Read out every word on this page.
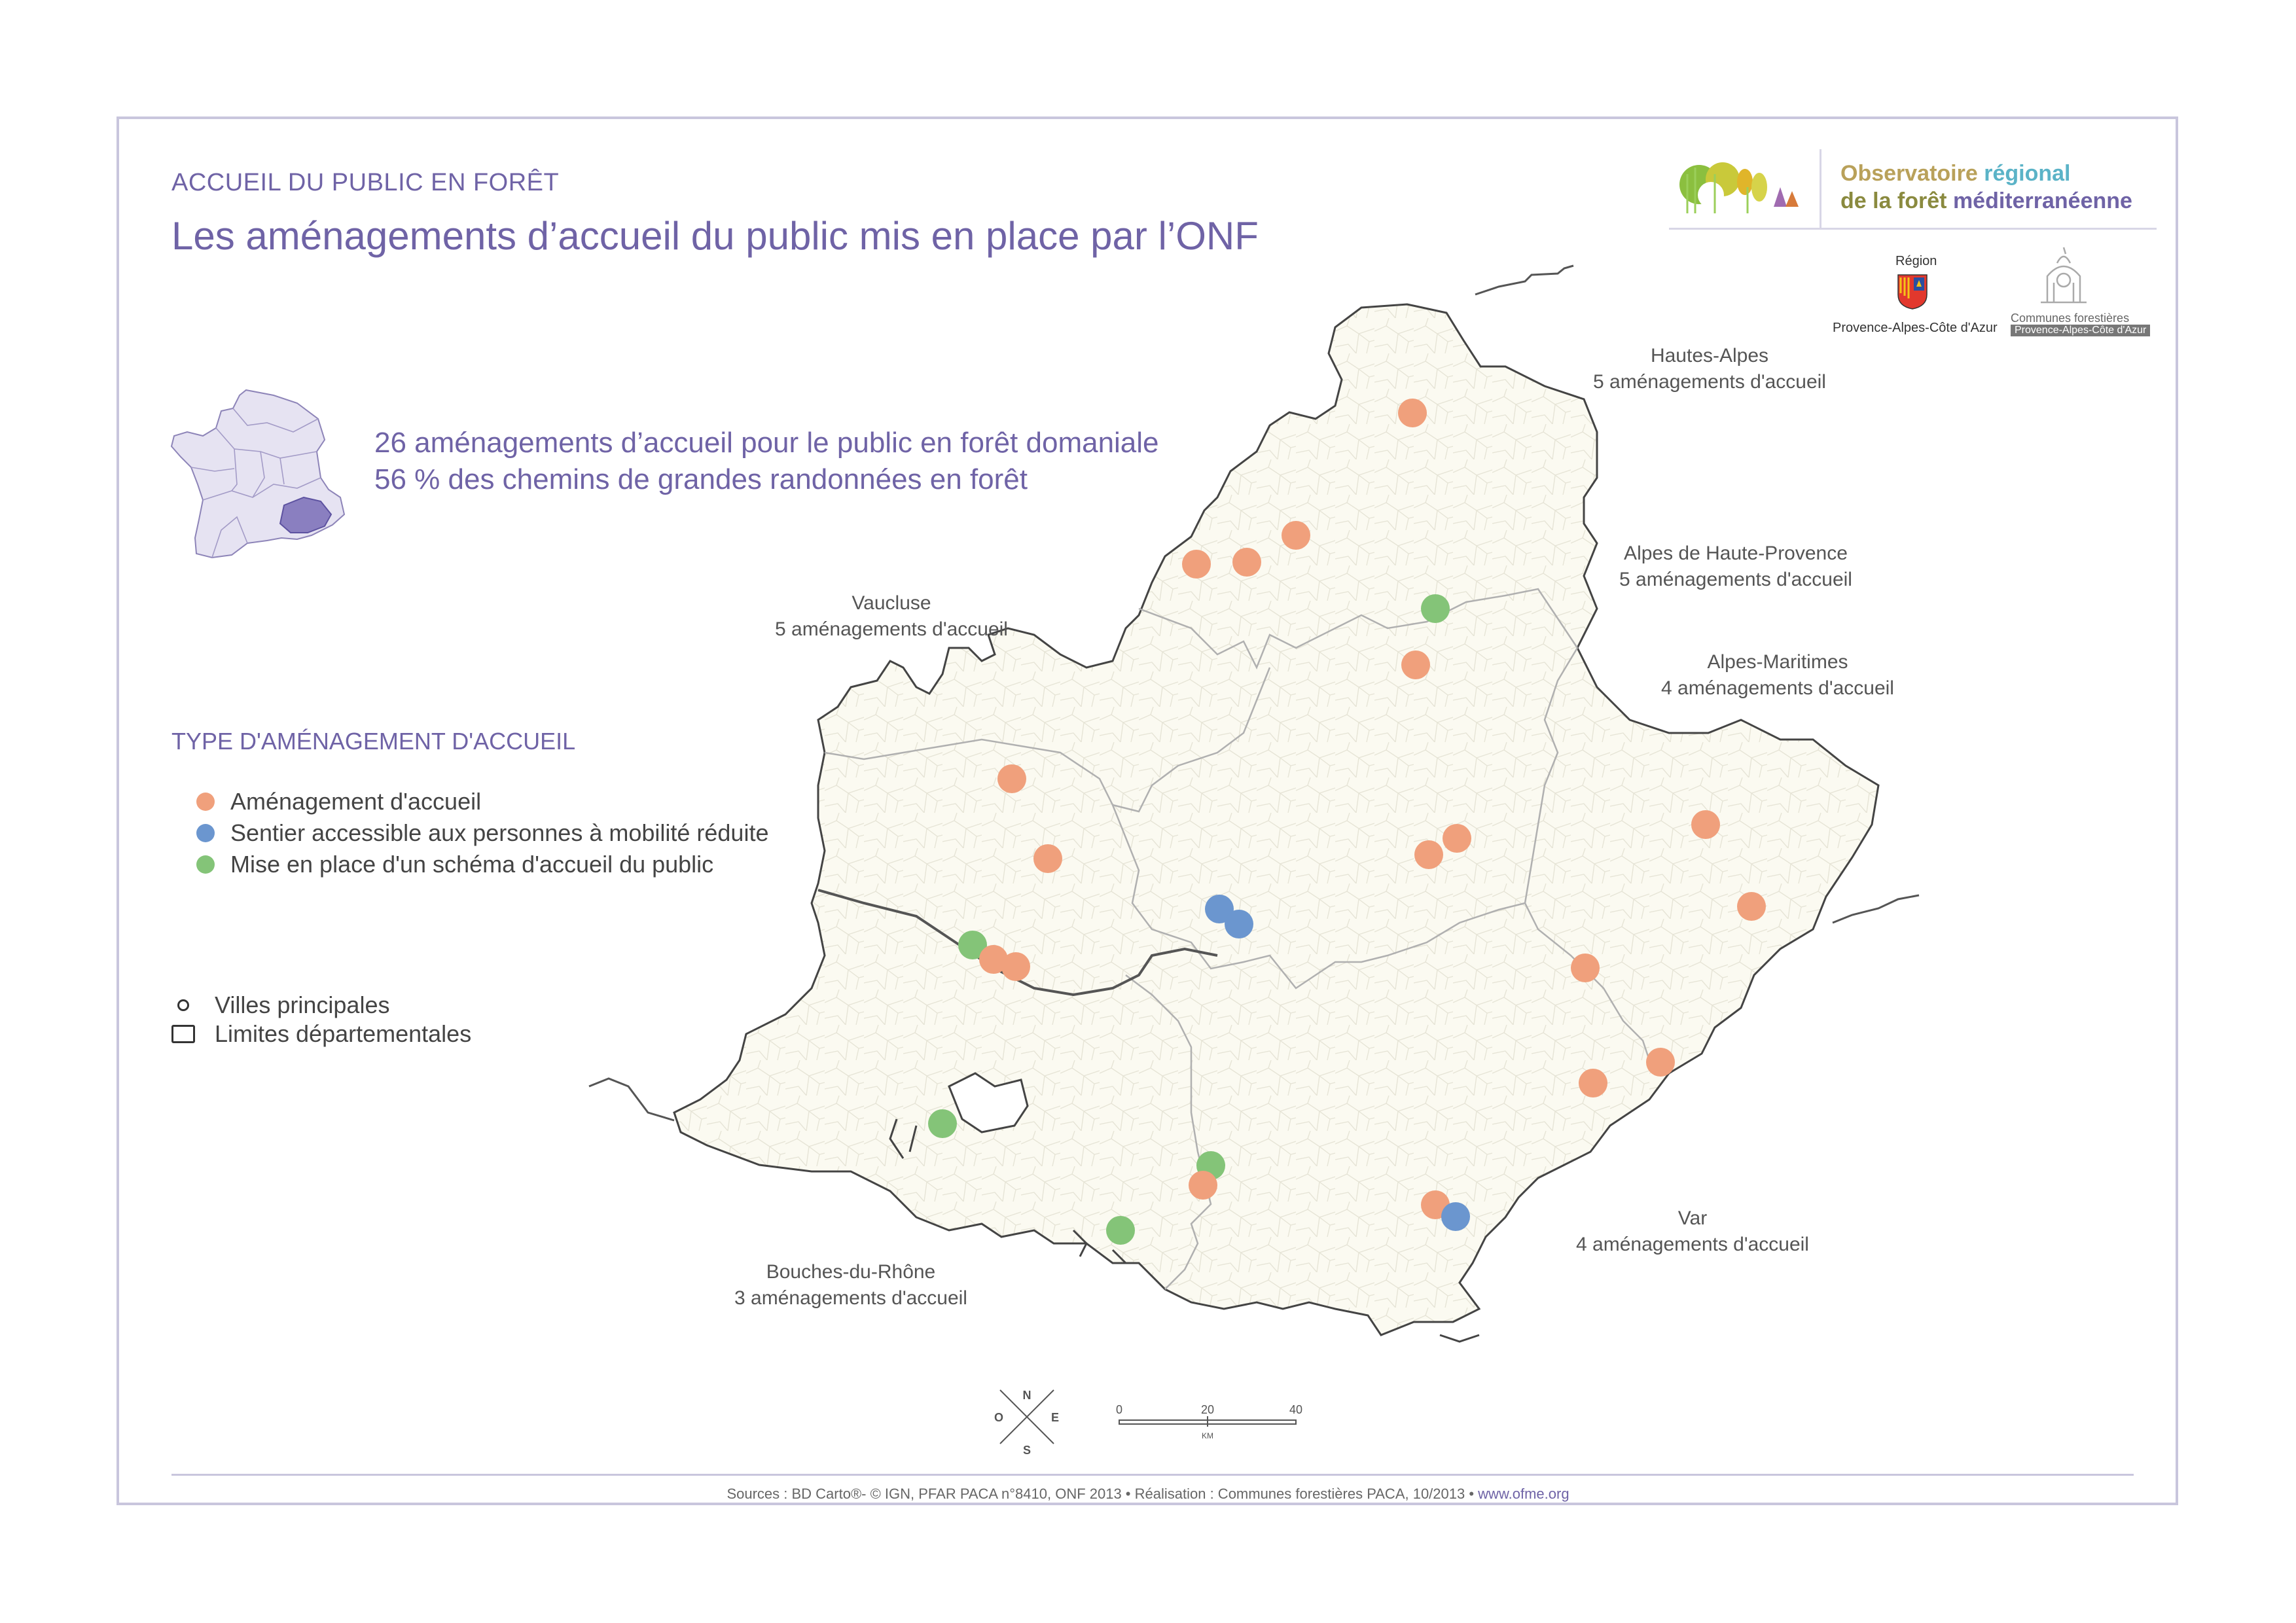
ACCUEIL DU PUBLIC EN FORÊT
Les aménagements d’accueil du public mis en place par l’ONF
26 aménagements d’accueil pour le public en forêt domaniale
56 % des chemins de grandes randonnées en forêt
Observatoire régional
de la forêt méditerranéenne
Région
Provence-Alpes-Côte d'Azur
Communes forestières
Provence-Alpes-Côte d'Azur
N
S
E
O
0	20	40
KM
Hautes-Alpes
5 aménagements d'accueil
Alpes de Haute-Provence
5 aménagements d'accueil
Vaucluse
5 aménagements d'accueil
Alpes-Maritimes
4 aménagements d'accueil
Var
4 aménagements d'accueil
Bouches-du-Rhône
3 aménagements d'accueil
TYPE D'AMÉNAGEMENT D'ACCUEIL
Aménagement d'accueil
Sentier accessible aux personnes à mobilité réduite
Mise en place d'un schéma d'accueil du public
Villes principales
Limites départementales
Sources : BD Carto®- © IGN, PFAR PACA n°8410, ONF 2013 • Réalisation : Communes forestières PACA, 10/2013 • www.ofme.org
